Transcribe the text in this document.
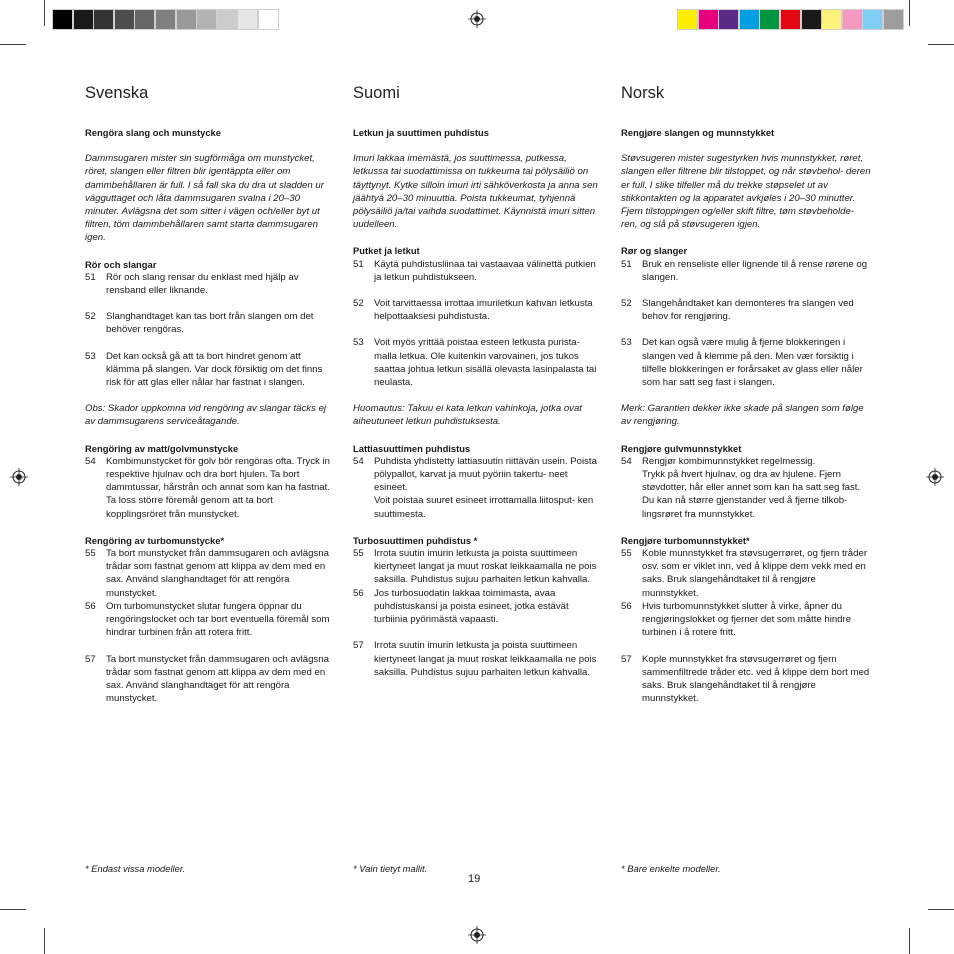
Svenska
Rengöra slang och munstycke

Dammsugaren mister sin sugförmåga om munstycket, röret, slangen eller filtren blir igentäppta eller om dammbehållaren är full. I så fall ska du dra ut sladden ur vägguttaget och låta dammsugaren svalna i 20–30 minuter. Avlägsna det som sitter i vägen och/eller byt ut filtren, töm dammbehållaren samt starta dammsugaren igen.

Rör och slangar
51	Rör och slang rensar du enklast med hjälp av rensband eller liknande.
52	Slanghandtaget kan tas bort från slangen om det behöver rengöras.
53	Det kan också gå att ta bort hindret genom att klämma på slangen. Var dock försiktig om det finns risk för att glas eller nålar har fastnat i slangen.

Obs: Skador uppkomna vid rengöring av slangar täcks ej av dammsugarens serviceåtagande.

Rengöring av matt/golvmunstycke
54	Kombimunstycket för golv bör rengöras ofta. Tryck in respektive hjulnav och dra bort hjulen. Ta bort dammtussar, hårstrån och annat som kan ha fastnat. Ta loss större föremål genom att ta bort kopplingsröret från munstycket.
Rengöring av turbomunstycke*
55	Ta bort munstycket från dammsugaren och avlägsna trådar som fastnat genom att klippa av dem med en sax. Använd slanghandtaget för att rengöra munstycket.
56	Om turbomunstycket slutar fungera öppnar du rengöringslocket och tar bort eventuella föremål som hindrar turbinen från att rotera fritt.
57	Ta bort munstycket från dammsugaren och avlägsna trådar som fastnat genom att klippa av dem med en sax. Använd slanghandtaget för att rengöra munstycket.
Suomi
Letkun ja suuttimen puhdistus

Imuri lakkaa imemästä, jos suuttimessa, putkessa, letkussa tai suodattimissa on tukkeuma tai pölysäiliö on täyttynyt. Kytke silloin imuri irti sähköverkosta ja anna sen jäähtyä 20–30 minuuttia. Poista tukkeumat, tyhjennä pölysäiliö ja/tai vaihda suodattimet. Käynnistä imuri sitten uudelleen.

Putket ja letkut
51	Käytä puhdistusliinaa tai vastaavaa välinettä putkien ja letkun puhdistukseen.
52	Voit tarvittaessa irrottaa imuriletkun kahvan letkusta helpottaaksesi puhdistusta.
53	Voit myös yrittää poistaa esteen letkusta purista- malla letkua. Ole kuitenkin varovainen, jos tukos saattaa johtua letkun sisällä olevasta lasinpalasta tai neulasta.

Huomautus: Takuu ei kata letkun vahinkoja, jotka ovat aiheutuneet letkun puhdistuksesta.

Lattiasuuttimen puhdistus
54	Puhdista yhdistetty lattiasuutin riittävän usein. Poista pölypallot, karvat ja muut pyöriin takertu- neet esineet.
Voit poistaa suuret esineet irrottamalla liitosput- ken suuttimesta.
Turbosuuttimen puhdistus *
55	Irrota suutin imurin letkusta ja poista suuttimeen kiertyneet langat ja muut roskat leikkaamalla ne pois saksilla. Puhdistus sujuu parhaiten letkun kahvalla.
56	Jos turbosuodatin lakkaa toimimasta, avaa puhdistuskansi ja poista esineet, jotka estävät turbiinia pyörimästä vapaasti.
57	Irrota suutin imurin letkusta ja poista suuttimeen kiertyneet langat ja muut roskat leikkaamalla ne pois saksilla. Puhdistus sujuu parhaiten letkun kahvalla.
Norsk
Rengjøre slangen og munnstykket

Støvsugeren mister sugestyrken hvis munnstykket, røret, slangen eller filtrene blir tilstoppet, og når støvbehol- deren er full. I slike tilfeller må du trekke støpselet ut av stikkontakten og la apparatet avkjøles i 20–30 minutter. Fjern tilstoppingen og/eller skift filtre, tøm støvbeholde- ren, og slå på støvsugeren igjen.

Rør og slanger
51	Bruk en renseliste eller lignende til å rense rørene og slangen.
52	Slangehåndtaket kan demonteres fra slangen ved behov for rengjøring.
53	Det kan også være mulig å fjerne blokkeringen i slangen ved å klemme på den. Men vær forsiktig i tilfelle blokkeringen er forårsaket av glass eller nåler som har satt seg fast i slangen.

Merk: Garantien dekker ikke skade på slangen som følge av rengjøring.

Rengjøre gulvmunnstykket
54	Rengjør kombimunnstykket regelmessig.
Trykk på hvert hjulnav, og dra av hjulene. Fjern støvdotter, hår eller annet som kan ha satt seg fast.
Du kan nå større gjenstander ved å fjerne tilkob- lingsrøret fra munnstykket.
Rengjøre turbomunnstykket*
55	Koble munnstykket fra støvsugerrøret, og fjern tråder osv. som er viklet inn, ved å klippe dem vekk med en saks. Bruk slangehåndtaket til å rengjøre munnstykket.
56	Hvis turbomunnstykket slutter å virke, åpner du rengjøringslokket og fjerner det som måtte hindre turbinen i å rotere fritt.
57	Kople munnstykket fra støvsugerrøret og fjern sammenfiltrede tråder etc. ved å klippe dem bort med saks. Bruk slangehåndtaket til å rengjøre munnstykket.

* Endast vissa modeller.	* Vain tietyt mallit.	* Bare enkelte modeller.

19
